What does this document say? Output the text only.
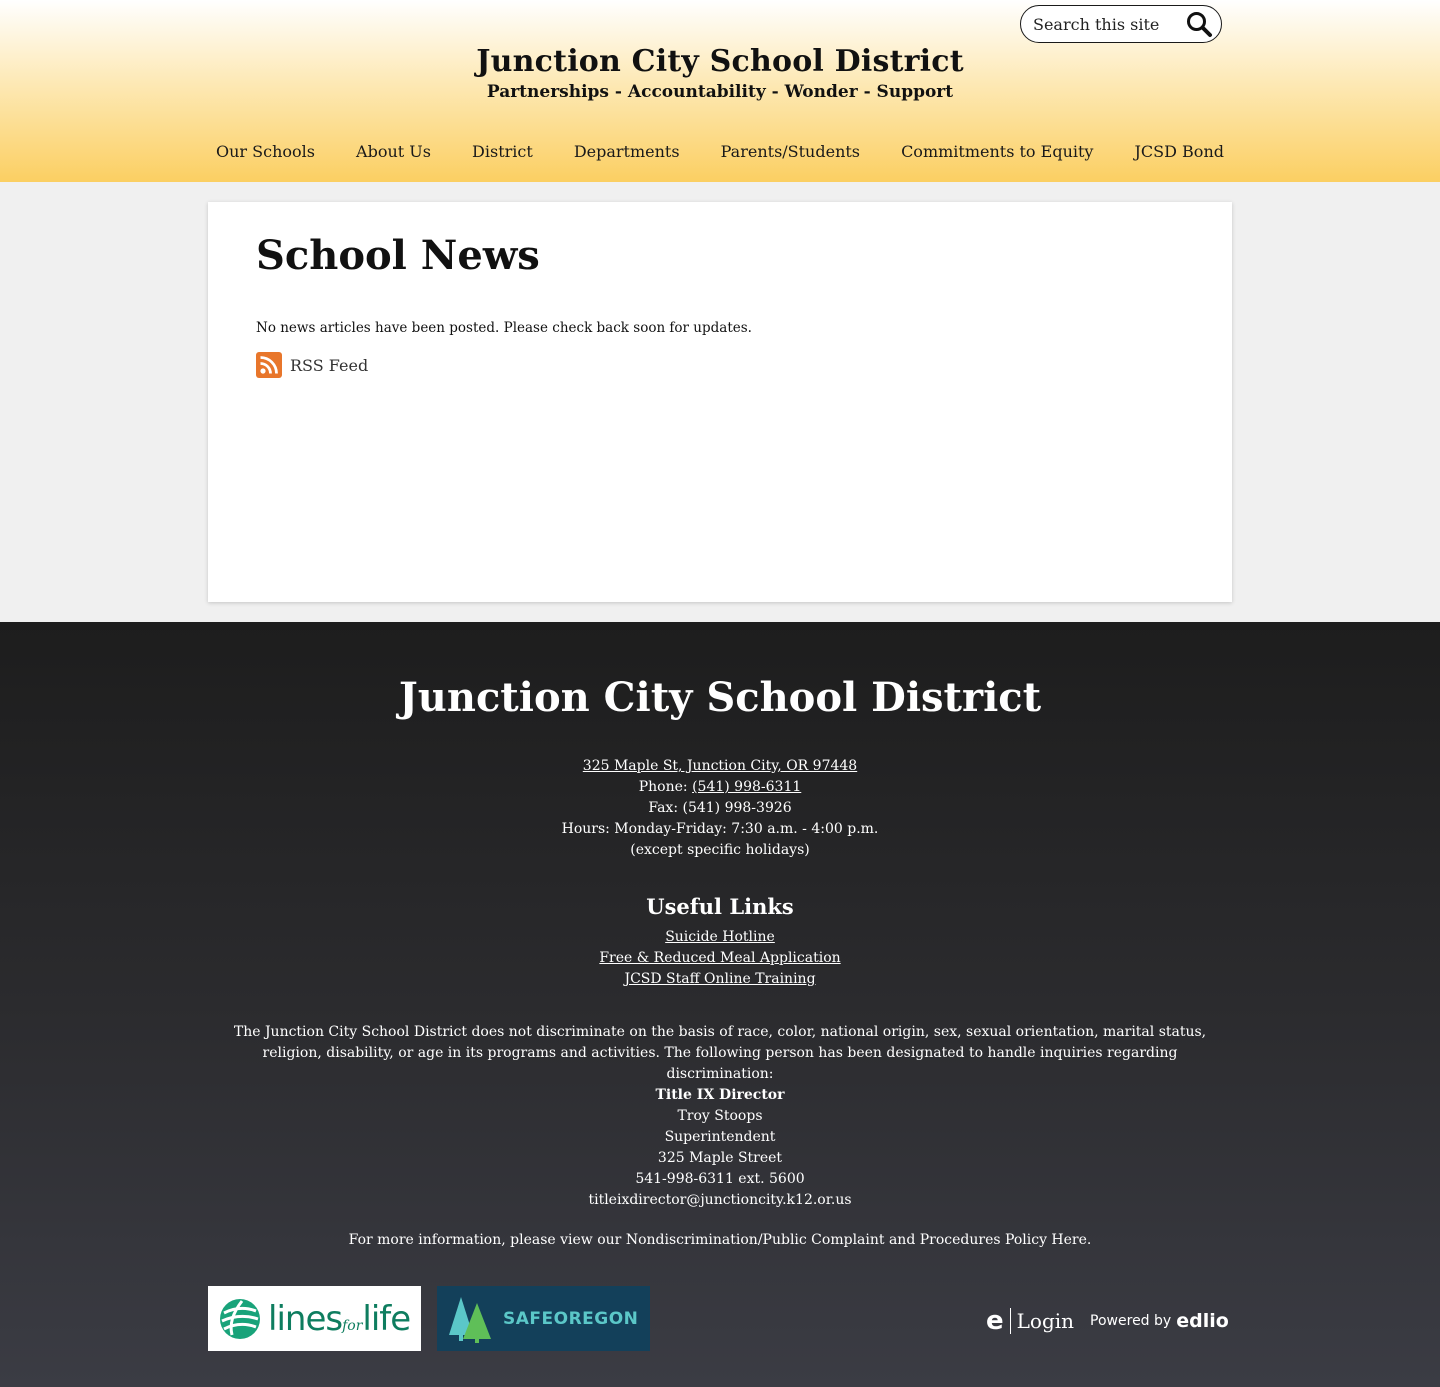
Search this site
Junction City School District
Partnerships - Accountability - Wonder - Support
Our Schools	About Us	District	Departments	Parents/Students	Commitments to Equity	JCSD Bond
School News

No news articles have been posted. Please check back soon for updates.

RSS Feed
Junction City School District
325 Maple St, Junction City, OR 97448
Phone: (541) 998-6311
Fax: (541) 998-3926
Hours: Monday-Friday: 7:30 a.m. - 4:00 p.m.
(except specific holidays)
Useful Links
Suicide Hotline
Free & Reduced Meal Application
JCSD Staff Online Training

The Junction City School District does not discriminate on the basis of race, color, national origin, sex, sexual orientation, marital status, religion, disability, or age in its programs and activities. The following person has been designated to handle inquiries regarding discrimination:

Title IX Director
Troy Stoops
Superintendent
325 Maple Street
541-998-6311 ext. 5600
titleixdirector@junctioncity.k12.or.us
For more information, please view our Nondiscrimination/Public Complaint and Procedures Policy Here.
linesforlife	SAFEOREGON	e Login Powered by edlio
